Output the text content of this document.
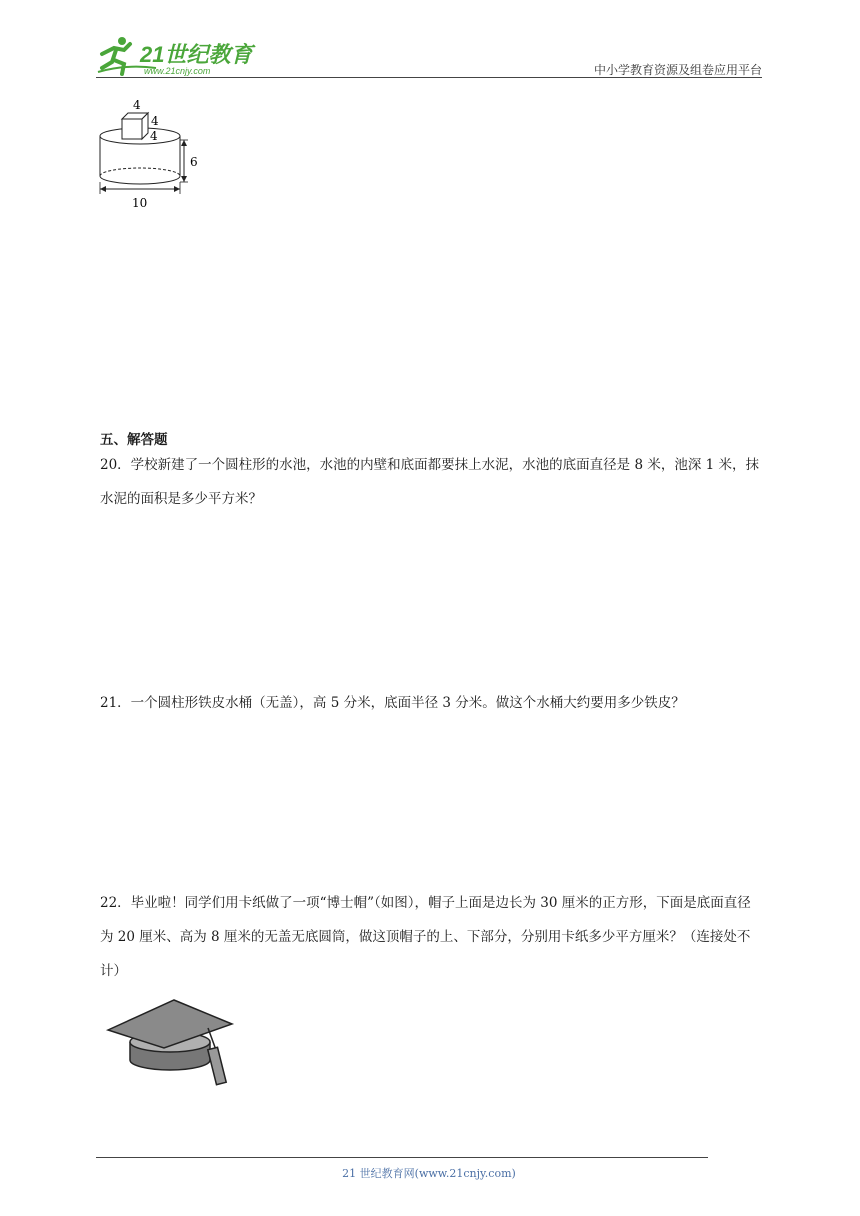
21世纪教育
www.21cnjy.com	中小学教育资源及组卷应用平台
4
4
4
6
10
五、解答题
20．学校新建了一个圆柱形的水池，水池的内壁和底面都要抹上水泥，水池的底面直径是 8 米，池深 1 米，抹水泥的面积是多少平方米？
21．一个圆柱形铁皮水桶（无盖），高 5 分米，底面半径 3 分米。做这个水桶大约要用多少铁皮？
22．毕业啦！同学们用卡纸做了一项“博士帽”（如图），帽子上面是边长为 30 厘米的正方形，下面是底面直径为 20 厘米、高为 8 厘米的无盖无底圆筒，做这顶帽子的上、下部分，分别用卡纸多少平方厘米？（连接处不计）
21 世纪教育网(www.21cnjy.com)
